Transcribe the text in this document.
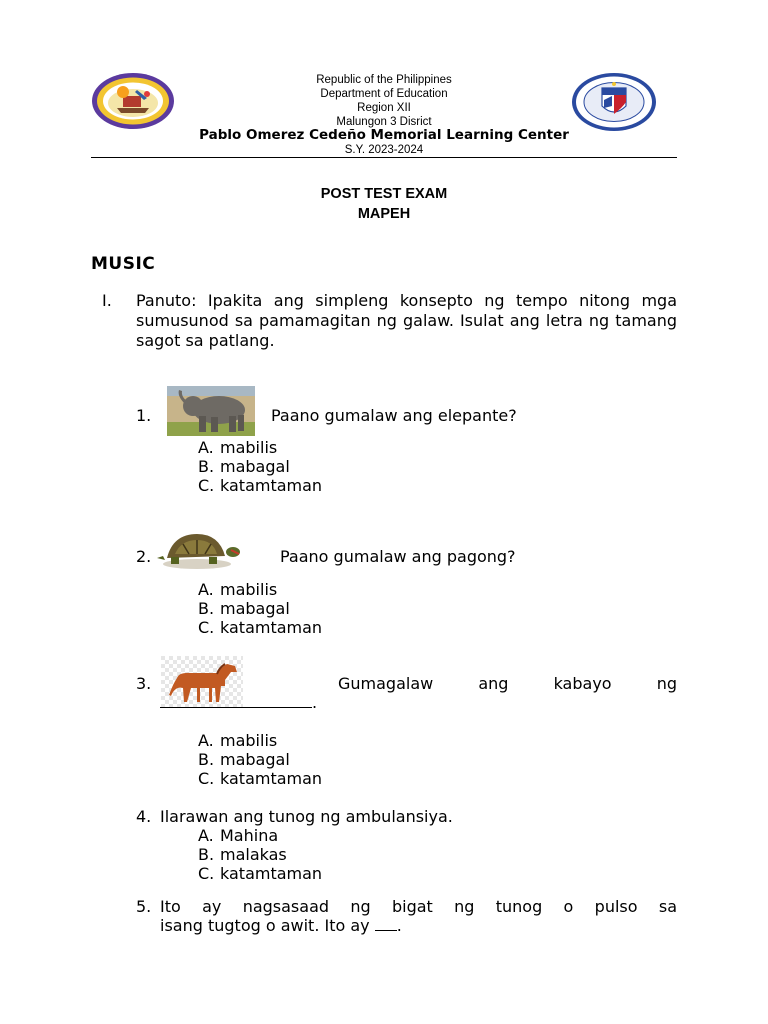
Republic of the Philippines
Department of Education
Region XII
Malungon 3 Disrict
Pablo Omerez Cedeño Memorial Learning Center
S.Y. 2023-2024
POST TEST EXAM
MAPEH
MUSIC
I. Panuto: Ipakita ang simpleng konsepto ng tempo nitong mga sumusunod sa pamamagitan ng galaw. Isulat ang letra ng tamang sagot sa patlang.
1.	Paano gumalaw ang elepante?
A. mabilis
B. mabagal
C. katamtaman
2.	Paano gumalaw ang pagong?
A. mabilis
B. mabagal
C. katamtaman
3.	Gumagalaw ang kabayo ng
.
A. mabilis
B. mabagal
C. katamtaman
4. Ilarawan ang tunog ng ambulansiya.
A. Mahina
B. malakas
C. katamtaman
5. Ito ay nagsasaad ng bigat ng tunog o pulso sa
isang tugtog o awit. Ito ay .
